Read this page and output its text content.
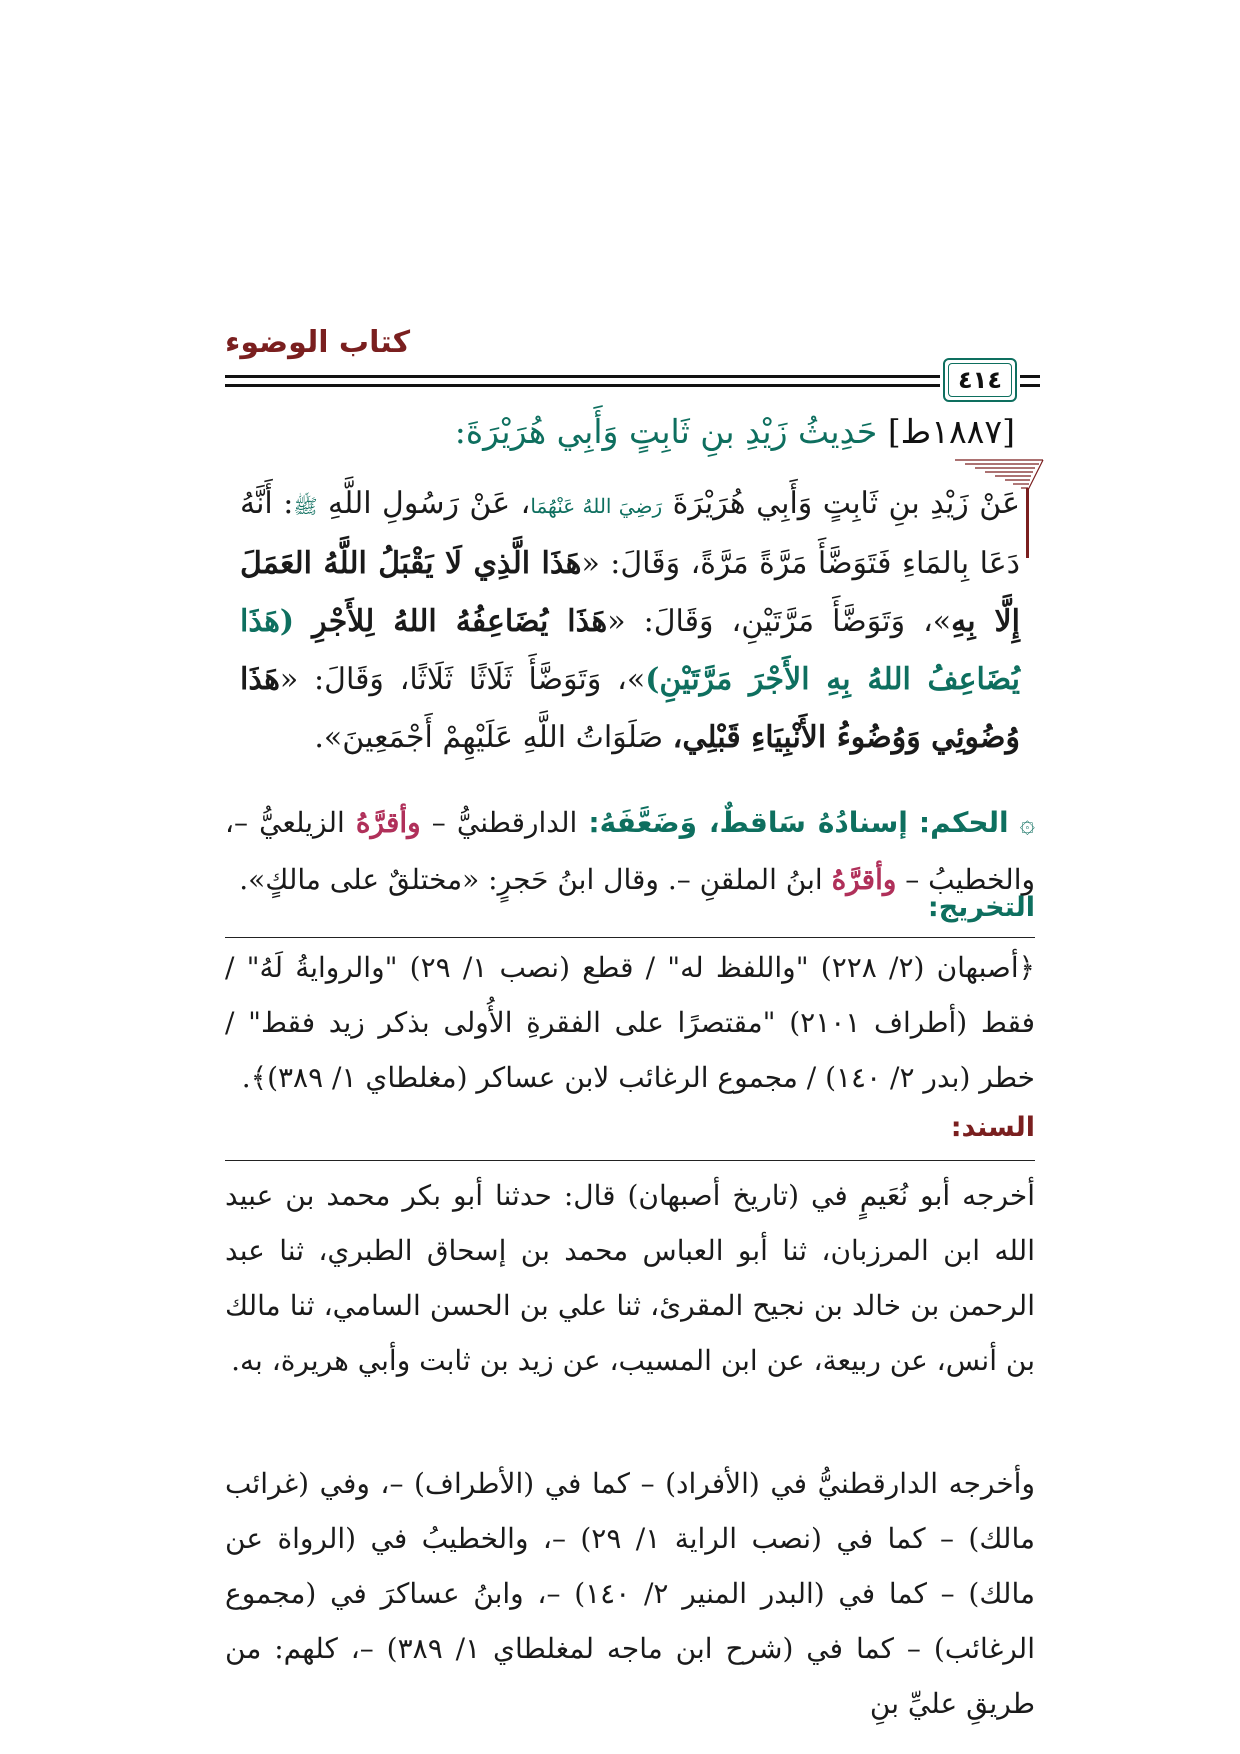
كتاب الوضوء
٤١٤
[١٨٨٧ط] حَدِيثُ زَيْدِ بنِ ثَابِتٍ وَأَبِي هُرَيْرَةَ:
عَنْ زَيْدِ بنِ ثَابِتٍ وَأَبِي هُرَيْرَةَ رَضِيَ اللهُ عَنْهُمَا، عَنْ رَسُولِ اللَّهِ ﷺ: أَنَّهُ دَعَا بِالمَاءِ فَتَوَضَّأَ مَرَّةً مَرَّةً، وَقَالَ: «هَذَا الَّذِي لَا يَقْبَلُ اللَّهُ العَمَلَ إِلَّا بِهِ»، وَتَوَضَّأَ مَرَّتَيْنِ، وَقَالَ: «هَذَا يُضَاعِفُهُ اللهُ لِلأَجْرِ (هَذَا يُضَاعِفُ اللهُ بِهِ الأَجْرَ مَرَّتَيْنِ)»، وَتَوَضَّأَ ثَلَاثًا ثَلَاثًا، وَقَالَ: «هَذَا وُضُوئِي وَوُضُوءُ الأَنْبِيَاءِ قَبْلِي، صَلَوَاتُ اللَّهِ عَلَيْهِمْ أَجْمَعِينَ».
۞ الحكم: إسنادُهُ سَاقطٌ، وَضَعَّفَهُ: الدارقطنيُّ – وأقرَّهُ الزيلعيُّ –، والخطيبُ – وأقرَّهُ ابنُ الملقنِ –. وقال ابنُ حَجرٍ: «مختلقٌ على مالكٍ».
التخريج:
﴿أصبهان (٢/ ٢٢٨) "واللفظ له" / قطع (نصب ١/ ٢٩) "والروايةُ لَهُ" / فقط (أطراف ٢١٠١) "مقتصرًا على الفقرةِ الأُولى بذكر زيد فقط" / خطر (بدر ٢/ ١٤٠) / مجموع الرغائب لابن عساكر (مغلطاي ١/ ٣٨٩)﴾.
السند:
أخرجه أبو نُعَيمٍ في (تاريخ أصبهان) قال: حدثنا أبو بكر محمد بن عبيد الله ابن المرزبان، ثنا أبو العباس محمد بن إسحاق الطبري، ثنا عبد الرحمن بن خالد بن نجيح المقرئ، ثنا علي بن الحسن السامي، ثنا مالك بن أنس، عن ربيعة، عن ابن المسيب، عن زيد بن ثابت وأبي هريرة، به.
وأخرجه الدارقطنيُّ في (الأفراد) – كما في (الأطراف) –، وفي (غرائب مالك) – كما في (نصب الراية ١/ ٢٩) –، والخطيبُ في (الرواة عن مالك) – كما في (البدر المنير ٢/ ١٤٠) –، وابنُ عساكرَ في (مجموع الرغائب) – كما في (شرح ابن ماجه لمغلطاي ١/ ٣٨٩) –، كلهم: من طريقِ عليِّ بنِ
